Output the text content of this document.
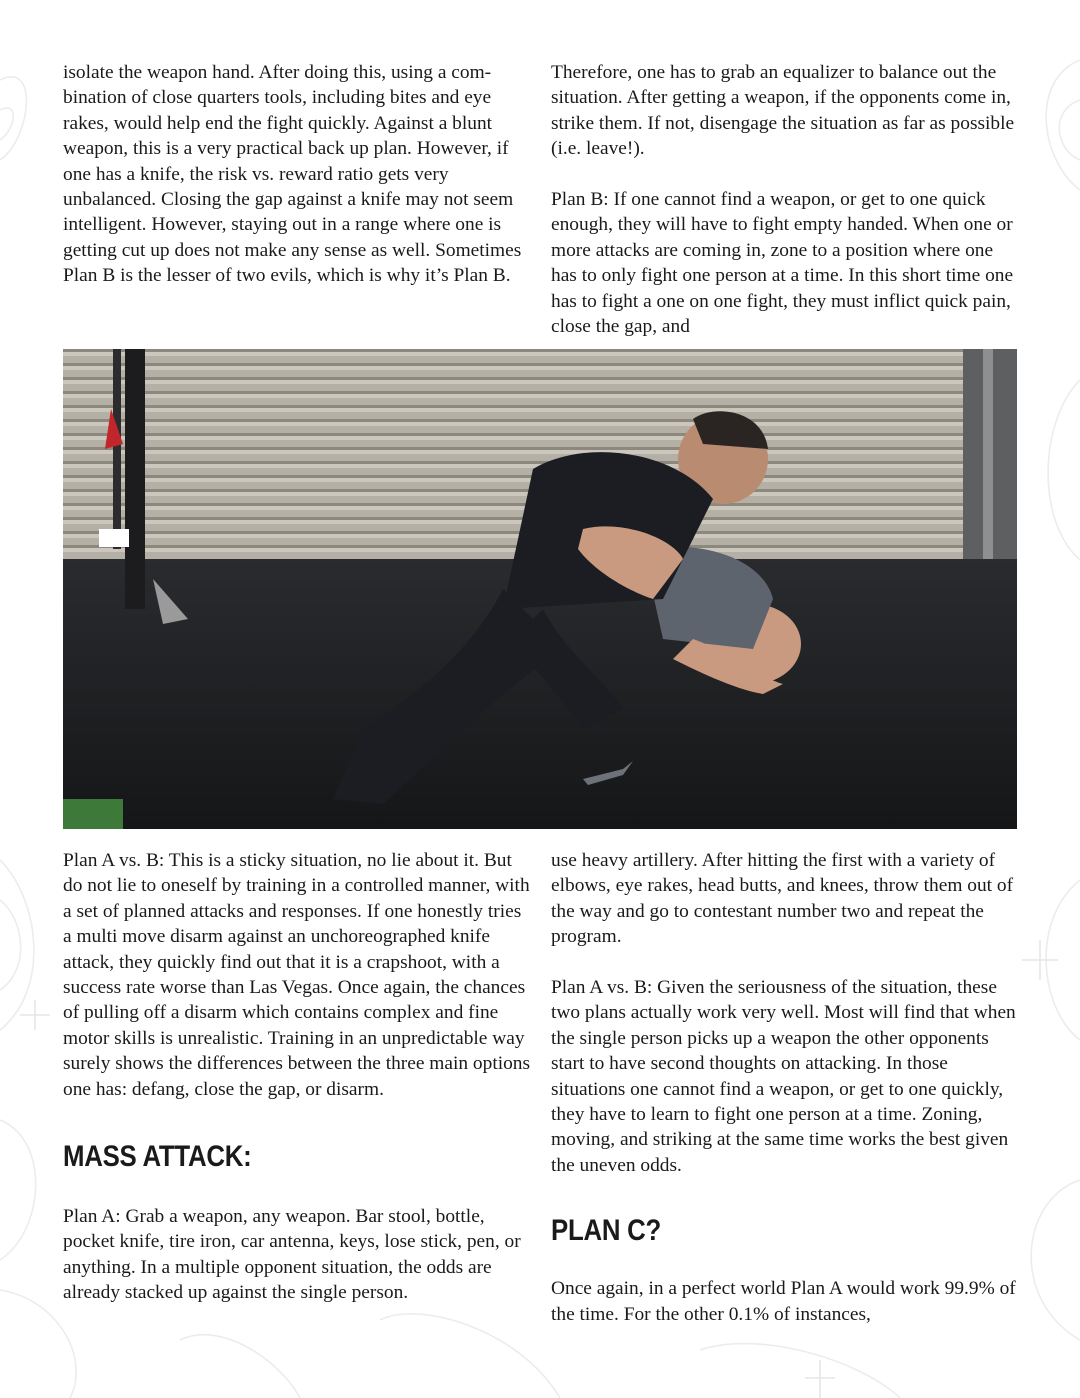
isolate the weapon hand. After doing this, using a combination of close quarters tools, including bites and eye rakes, would help end the fight quickly. Against a blunt weapon, this is a very practical back up plan. However, if one has a knife, the risk vs. reward ratio gets very unbalanced. Closing the gap against a knife may not seem intelligent. However, staying out in a range where one is getting cut up does not make any sense as well. Sometimes Plan B is the lesser of two evils, which is why it’s Plan B.

Therefore, one has to grab an equalizer to balance out the situation. After getting a weapon, if the opponents come in, strike them. If not, disengage the situation as far as possible (i.e. leave!).

Plan B: If one cannot find a weapon, or get to one quick enough, they will have to fight empty handed. When one or more attacks are coming in, zone to a position where one has to only fight one person at a time. In this short time one has to fight a one on one fight, they must inflict quick pain, close the gap, and

Plan A vs. B: This is a sticky situation, no lie about it. But do not lie to oneself by training in a controlled manner, with a set of planned attacks and responses. If one honestly tries a multi move disarm against an unchoreographed knife attack, they quickly find out that it is a crapshoot, with a success rate worse than Las Vegas. Once again, the chances of pulling off a disarm which contains complex and fine motor skills is unrealistic. Training in an unpredictable way surely shows the differences between the three main options one has: defang, close the gap, or disarm.

MASS ATTACK:

Plan A: Grab a weapon, any weapon. Bar stool, bottle, pocket knife, tire iron, car antenna, keys, lose stick, pen, or anything. In a multiple opponent situation, the odds are already stacked up against the single person.

use heavy artillery. After hitting the first with a variety of elbows, eye rakes, head butts, and knees, throw them out of the way and go to contestant number two and repeat the program.

Plan A vs. B: Given the seriousness of the situation, these two plans actually work very well. Most will find that when the single person picks up a weapon the other opponents start to have second thoughts on attacking. In those situations one cannot find a weapon, or get to one quickly, they have to learn to fight one person at a time. Zoning, moving, and striking at the same time works the best given the uneven odds.

PLAN C?

Once again, in a perfect world Plan A would work 99.9% of the time. For the other 0.1% of instances,
